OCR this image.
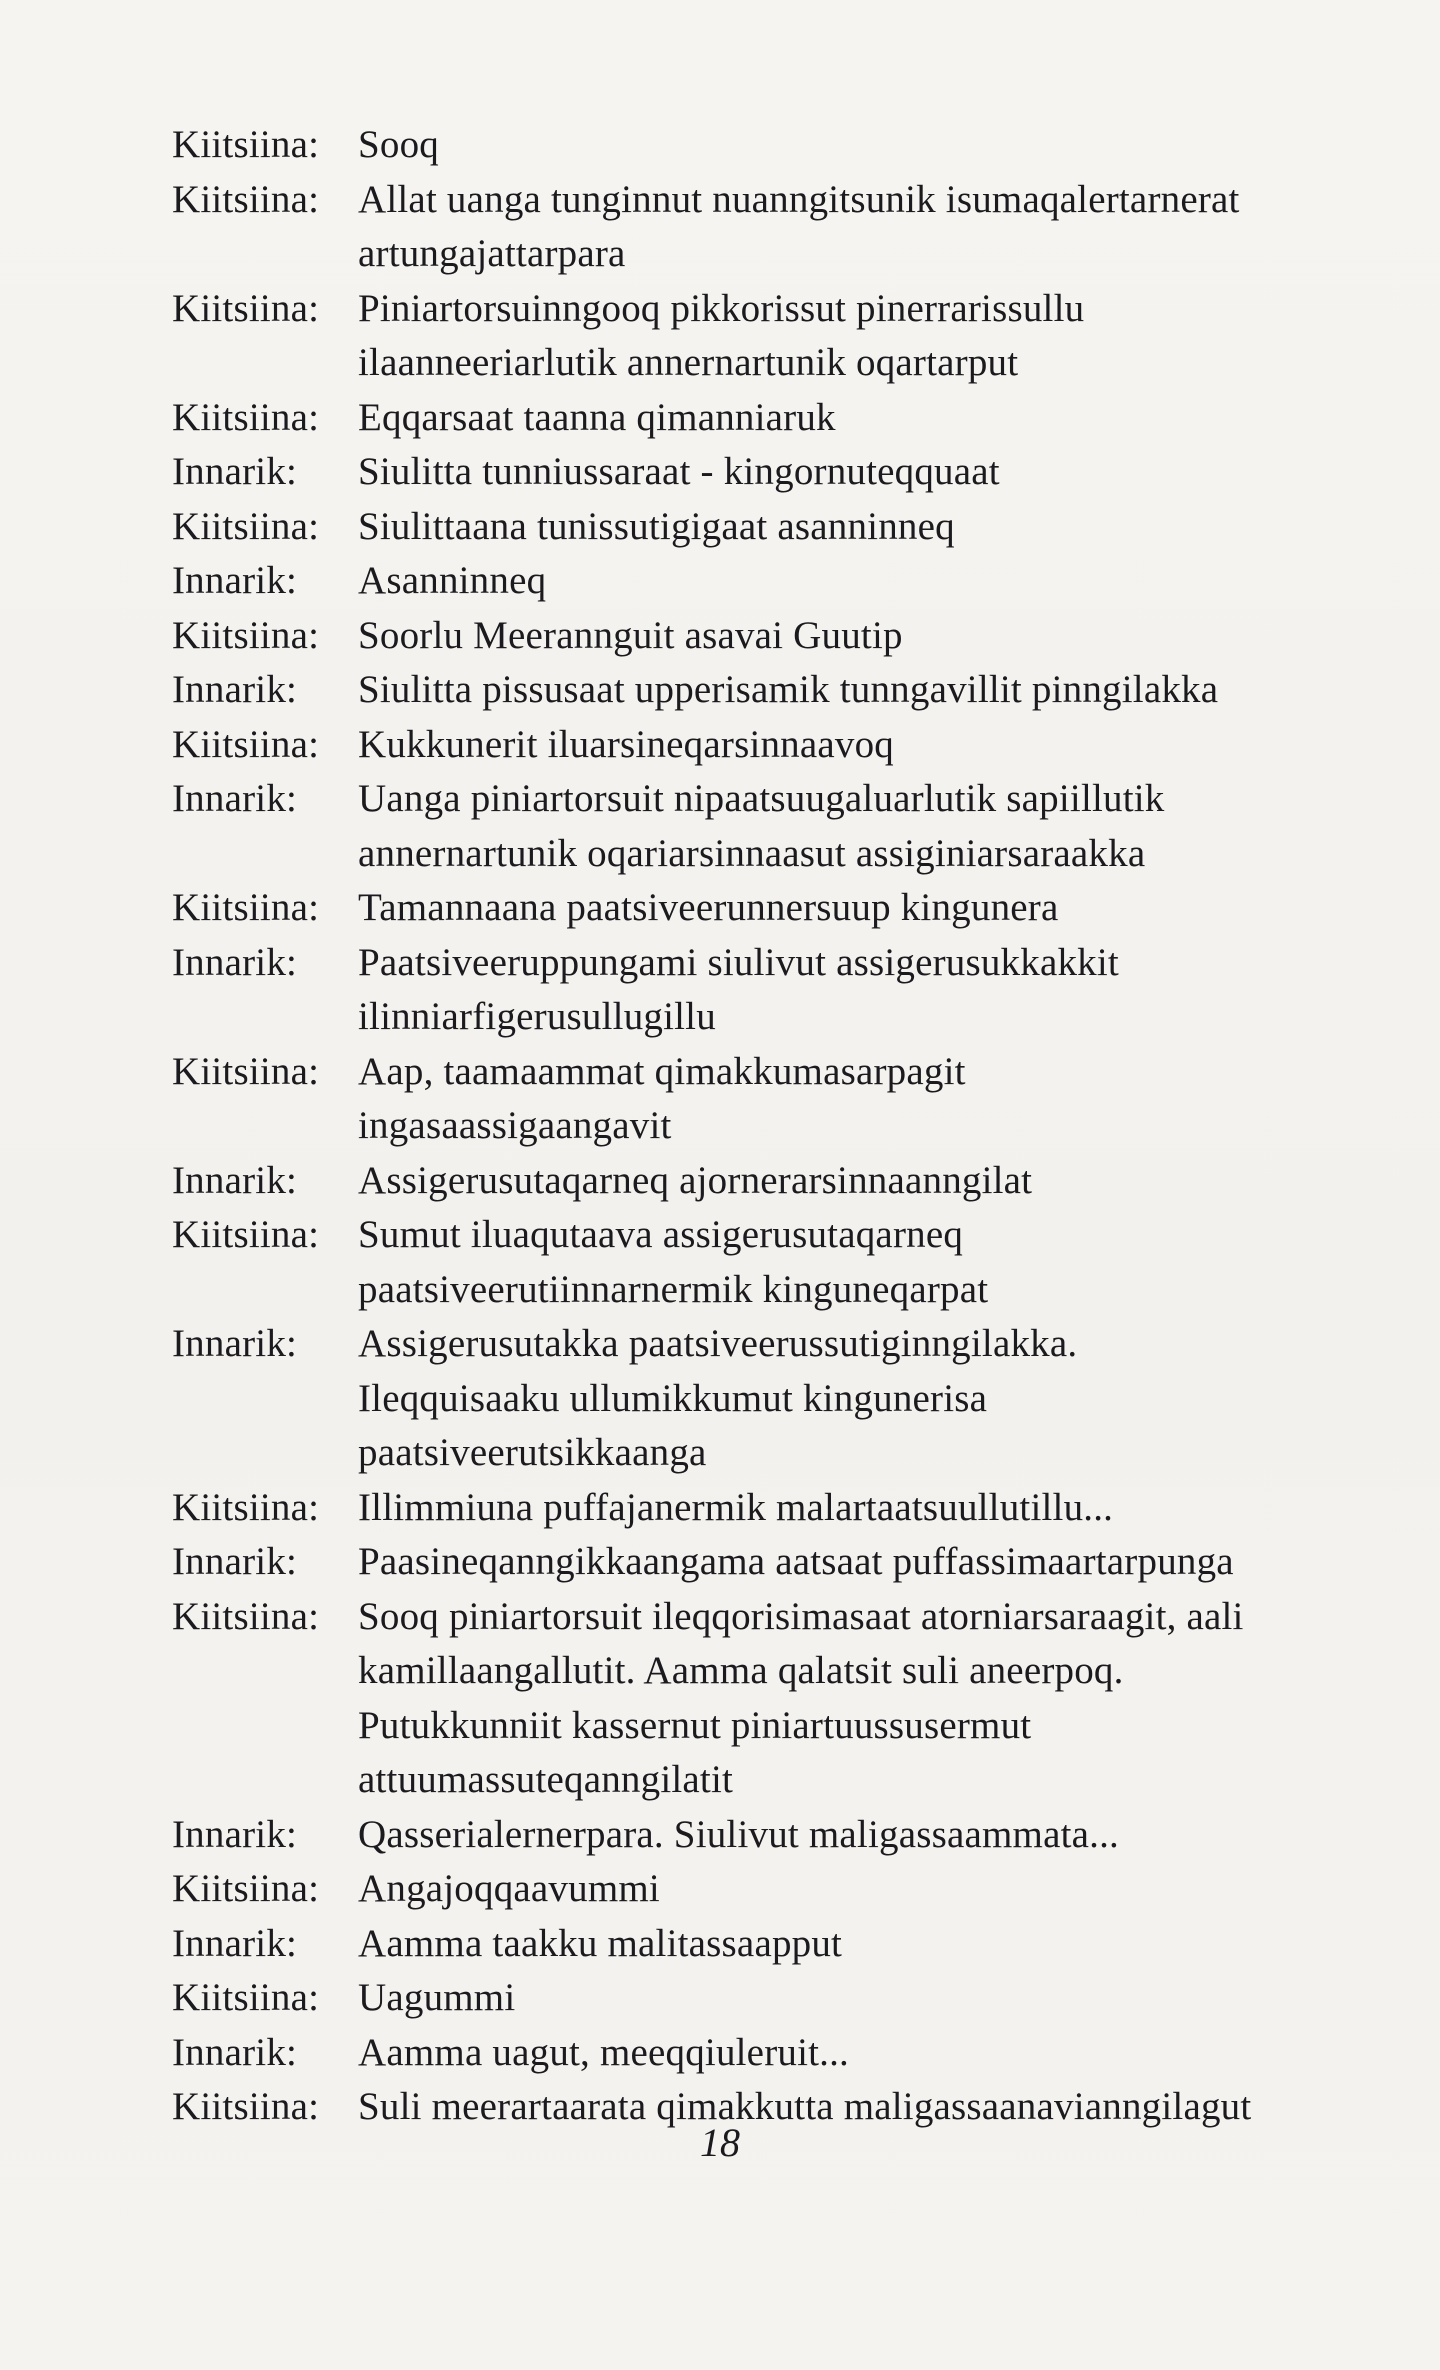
Kiitsiina: Sooq
Kiitsiina: Allat uanga tunginnut nuanngitsunik isumaqalertarnerat artungajattarpara
Kiitsiina: Piniartorsuinngooq pikkorissut pinerrarissullu ilaanneeriarlutik annernartunik oqartarput
Kiitsiina: Eqqarsaat taanna qimanniaruk
Innarik:	Siulitta tunniussaraat - kingornuteqquaat
Kiitsiina: Siulittaana tunissutigigaat asanninneq
Innarik:	Asanninneq
Kiitsiina: Soorlu Meerannguit asavai Guutip
Innarik:	Siulitta pissusaat upperisamik tunngavillit pinngilakka
Kiitsiina: Kukkunerit iluarsineqarsinnaavoq
Innarik:	Uanga piniartorsuit nipaatsuugaluarlutik sapiillutik annernartunik oqariarsinnaasut assiginiarsaraakka
Kiitsiina: Tamannaana paatsiveerunnersuup kingunera
Innarik:	Paatsiveeruppungami siulivut assigerusukkakkit ilinniarfigerusullugillu
Kiitsiina: Aap, taamaammat qimakkumasarpagit ingasaassigaangavit
Innarik:	Assigerusutaqarneq ajornerarsinnaanngilat
Kiitsiina: Sumut iluaqutaava assigerusutaqarneq paatsiveerutiinnarnermik kinguneqarpat
Innarik:	Assigerusutakka paatsiveerussutiginngilakka. Ileqquisaaku ullumikkumut kingunerisa paatsiveerutsikkaanga
Kiitsiina: Illimmiuna puffajanermik malartaatsuullutillu...
Innarik:	Paasineqanngikkaangama aatsaat puffassimaartarpunga
Kiitsiina: Sooq piniartorsuit ileqqorisimasaat atorniarsaraagit, aali kamillaangallutit. Aamma qalatsit suli aneerpoq. Putukkunniit kassernut piniartuussusermut attuumassuteqanngilatit
Innarik:	Qasserialernerpara. Siulivut maligassaammata...
Kiitsiina: Angajoqqaavummi
Innarik:	Aamma taakku malitassaapput
Kiitsiina: Uagummi
Innarik:	Aamma uagut, meeqqiuleruit...
Kiitsiina: Suli meerartaarata qimakkutta maligassaanavianngilagut
18
